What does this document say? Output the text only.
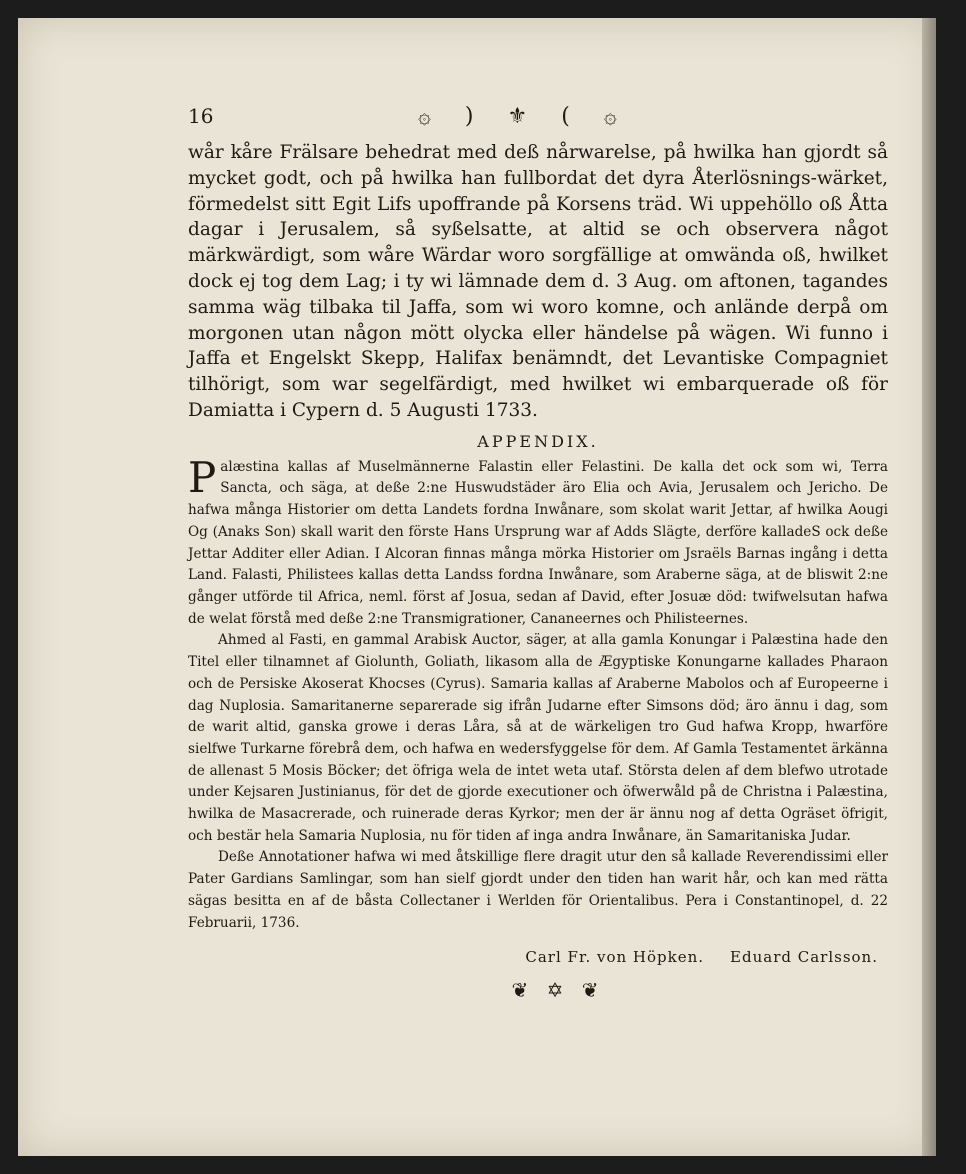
16	۞ ) ⚜ ( ۞

wår kåre Frälsare behedrat med deß nårwarelse, på hwilka han gjordt så mycket godt, och på hwilka han fullbordat det dyra Återlösnings-wärket, förmedelst sitt Egit Lifs upoffrande på Korsens träd. Wi uppehöllo oß Åtta dagar i Jerusalem, så syßelsatte, at altid se och observera något märkwärdigt, som wåre Wärdar woro sorgfällige at omwända oß, hwilket dock ej tog dem Lag; i ty wi lämnade dem d. 3 Aug. om aftonen, tagandes samma wäg tilbaka til Jaffa, som wi woro komne, och anlände derpå om morgonen utan någon mött olycka eller händelse på wägen. Wi funno i Jaffa et Engelskt Skepp, Halifax benämndt, det Levantiske Compagniet tilhörigt, som war segelfärdigt, med hwilket wi embarquerade oß för Damiatta i Cypern d. 5 Augusti 1733.

APPENDIX.

Palæstina kallas af Muselmännerne Falastin eller Felastini. De kalla det ock som wi, Terra Sancta, och säga, at deße 2:ne Huswudstäder äro Elia och Avia, Jerusalem och Jericho. De hafwa många Historier om detta Landets fordna Inwånare, som skolat warit Jettar, af hwilka Aougi Og (Anaks Son) skall warit den förste Hans Ursprung war af Adds Slägte, derföre kalladeS ock deße Jettar Additer eller Adian. I Alcoran finnas många mörka Historier om Jsraëls Barnas ingång i detta Land. Falasti, Philistees kallas detta Landss fordna Inwånare, som Araberne säga, at de bliswit 2:ne gånger utförde til Africa, neml. först af Josua, sedan af David, efter Josuæ död: twifwelsutan hafwa de welat förstå med deße 2:ne Transmigrationer, Cananeernes och Philisteernes.

Ahmed al Fasti, en gammal Arabisk Auctor, säger, at alla gamla Konungar i Palæstina hade den Titel eller tilnamnet af Giolunth, Goliath, likasom alla de Ægyptiske Konungarne kallades Pharaon och de Persiske Akoserat Khocses (Cyrus). Samaria kallas af Araberne Mabolos och af Europeerne i dag Nuplosia. Samaritanerne separerade sig ifrån Judarne efter Simsons död; äro ännu i dag, som de warit altid, ganska growe i deras Låra, så at de wärkeligen tro Gud hafwa Kropp, hwarföre sielfwe Turkarne förebrå dem, och hafwa en wedersfyggelse för dem. Af Gamla Testamentet ärkänna de allenast 5 Mosis Böcker; det öfriga wela de intet weta utaf. Största delen af dem blefwo utrotade under Kejsaren Justinianus, för det de gjorde executioner och öfwerwåld på de Christna i Palæstina, hwilka de Masacrerade, och ruinerade deras Kyrkor; men der är ännu nog af detta Ogräset öfrigit, och bestär hela Samaria Nuplosia, nu för tiden af inga andra Inwånare, än Samaritaniska Judar.

Deße Annotationer hafwa wi med åtskillige flere dragit utur den så kallade Reverendissimi eller Pater Gardians Samlingar, som han sielf gjordt under den tiden han warit hår, och kan med rätta sägas besitta en af de båsta Collectaner i Werlden för Orientalibus. Pera i Constantinopel, d. 22 Februarii, 1736.

Carl Fr. von Höpken. Eduard Carlsson.
❦ ✡ ❦
